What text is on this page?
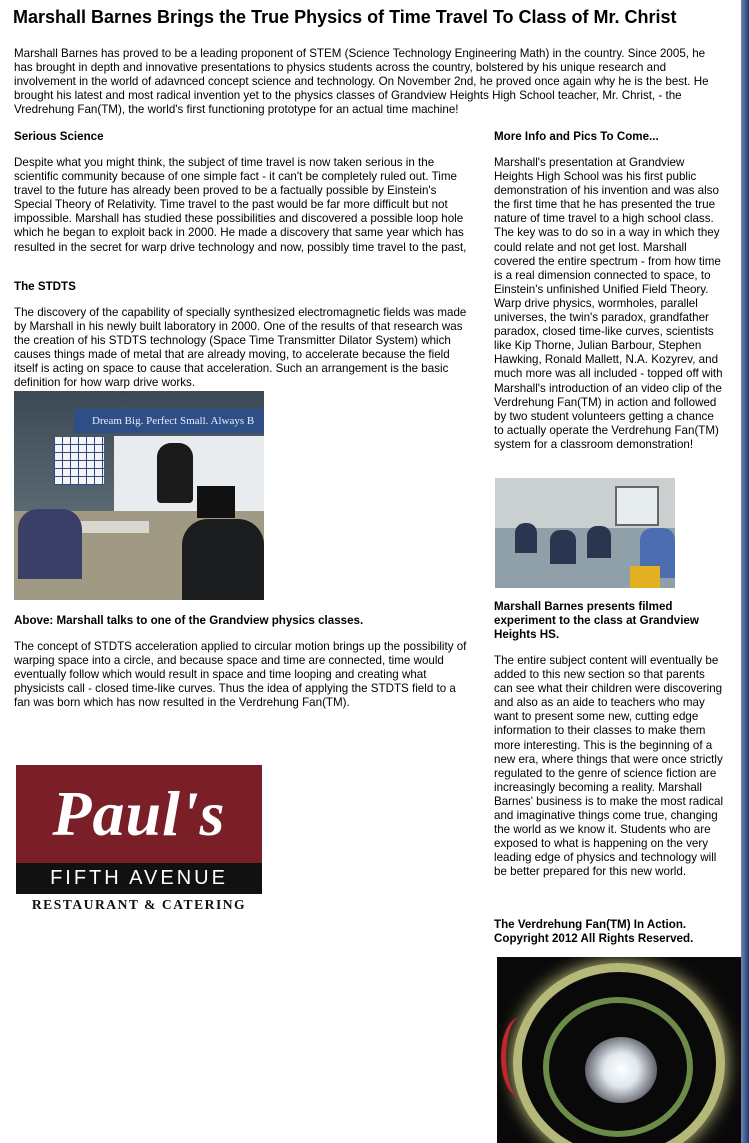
Marshall Barnes Brings the True Physics of Time Travel To Class of Mr. Christ

Marshall Barnes has proved to be a leading proponent of STEM (Science Technology Engineering Math) in the country. Since 2005, he has brought in depth and innovative presentations to physics students across the country, bolstered by his unique research and involvement in the world of adavnced concept science and technology. On November 2nd, he proved once again why he is the best. He brought his latest and most radical invention yet to the physics classes of Grandview Heights High School teacher, Mr. Christ, - the Vredrehung Fan(TM), the world's first functioning prototype for an actual time machine!

Serious Science

Despite what you might think, the subject of time travel is now taken serious in the scientific community because of one simple fact - it can't be completely ruled out. Time travel to the future has already been proved to be a factually possible by Einstein's Special Theory of Relativity. Time travel to the past would be far more difficult but not impossible. Marshall has studied these possibilities and discovered a possible loop hole which he began to exploit back in 2000. He made a discovery that same year which has resulted in the secret for warp drive technology and now, possibly time travel to the past,

The STDTS

The discovery of the capability of specially synthesized electromagnetic fields was made by Marshall in his newly built laboratory in 2000. One of the results of that research was the creation of his STDTS technology (Space Time Transmitter Dilator System) which causes things made of metal that are already moving, to accelerate because the field itself is acting on space to cause that acceleration. Such an arrangement is the basic definition for how warp drive works.

Dream Big. Perfect Small. Always B

Above: Marshall talks to one of the Grandview physics classes.

The concept of STDTS acceleration applied to circular motion brings up the possibility of warping space into a circle, and because space and time are connected, time would eventually follow which would result in space and time looping and creating what physicists call - closed time-like curves. Thus the idea of applying the STDTS field to a fan was born which has now resulted in the Verdrehung Fan(TM).

Paul's
FIFTH AVENUE
RESTAURANT & CATERING

More Info and Pics To Come...

Marshall's presentation at Grandview Heights High School was his first public demonstration of his invention and was also the first time that he has presented the true nature of time travel to a high school class. The key was to do so in a way in which they could relate and not get lost. Marshall covered the entire spectrum - from how time is a real dimension connected to space, to Einstein's unfinished Unified Field Theory. Warp drive physics, wormholes, parallel universes, the twin's paradox, grandfather paradox, closed time-like curves, scientists like Kip Thorne, Julian Barbour, Stephen Hawking, Ronald Mallett, N.A. Kozyrev, and much more was all included - topped off with Marshall's introduction of an video clip of the Verdrehung Fan(TM) in action and followed by two student volunteers getting a chance to actually operate the Verdrehung Fan(TM) system for a classroom demonstration!

Marshall Barnes presents filmed experiment to the class at Grandview Heights HS.

The entire subject content will eventually be added to this new section so that parents can see what their children were discovering and also as an aide to teachers who may want to present some new, cutting edge information to their classes to make them more interesting. This is the beginning of a new era, where things that were once strictly regulated to the genre of science fiction are increasingly becoming a reality. Marshall Barnes' business is to make the most radical and imaginative things come true, changing the world as we know it. Students who are exposed to what is happening on the very leading edge of physics and technology will be better prepared for this new world.

The Verdrehung Fan(TM) In Action. Copyright 2012 All Rights Reserved.
